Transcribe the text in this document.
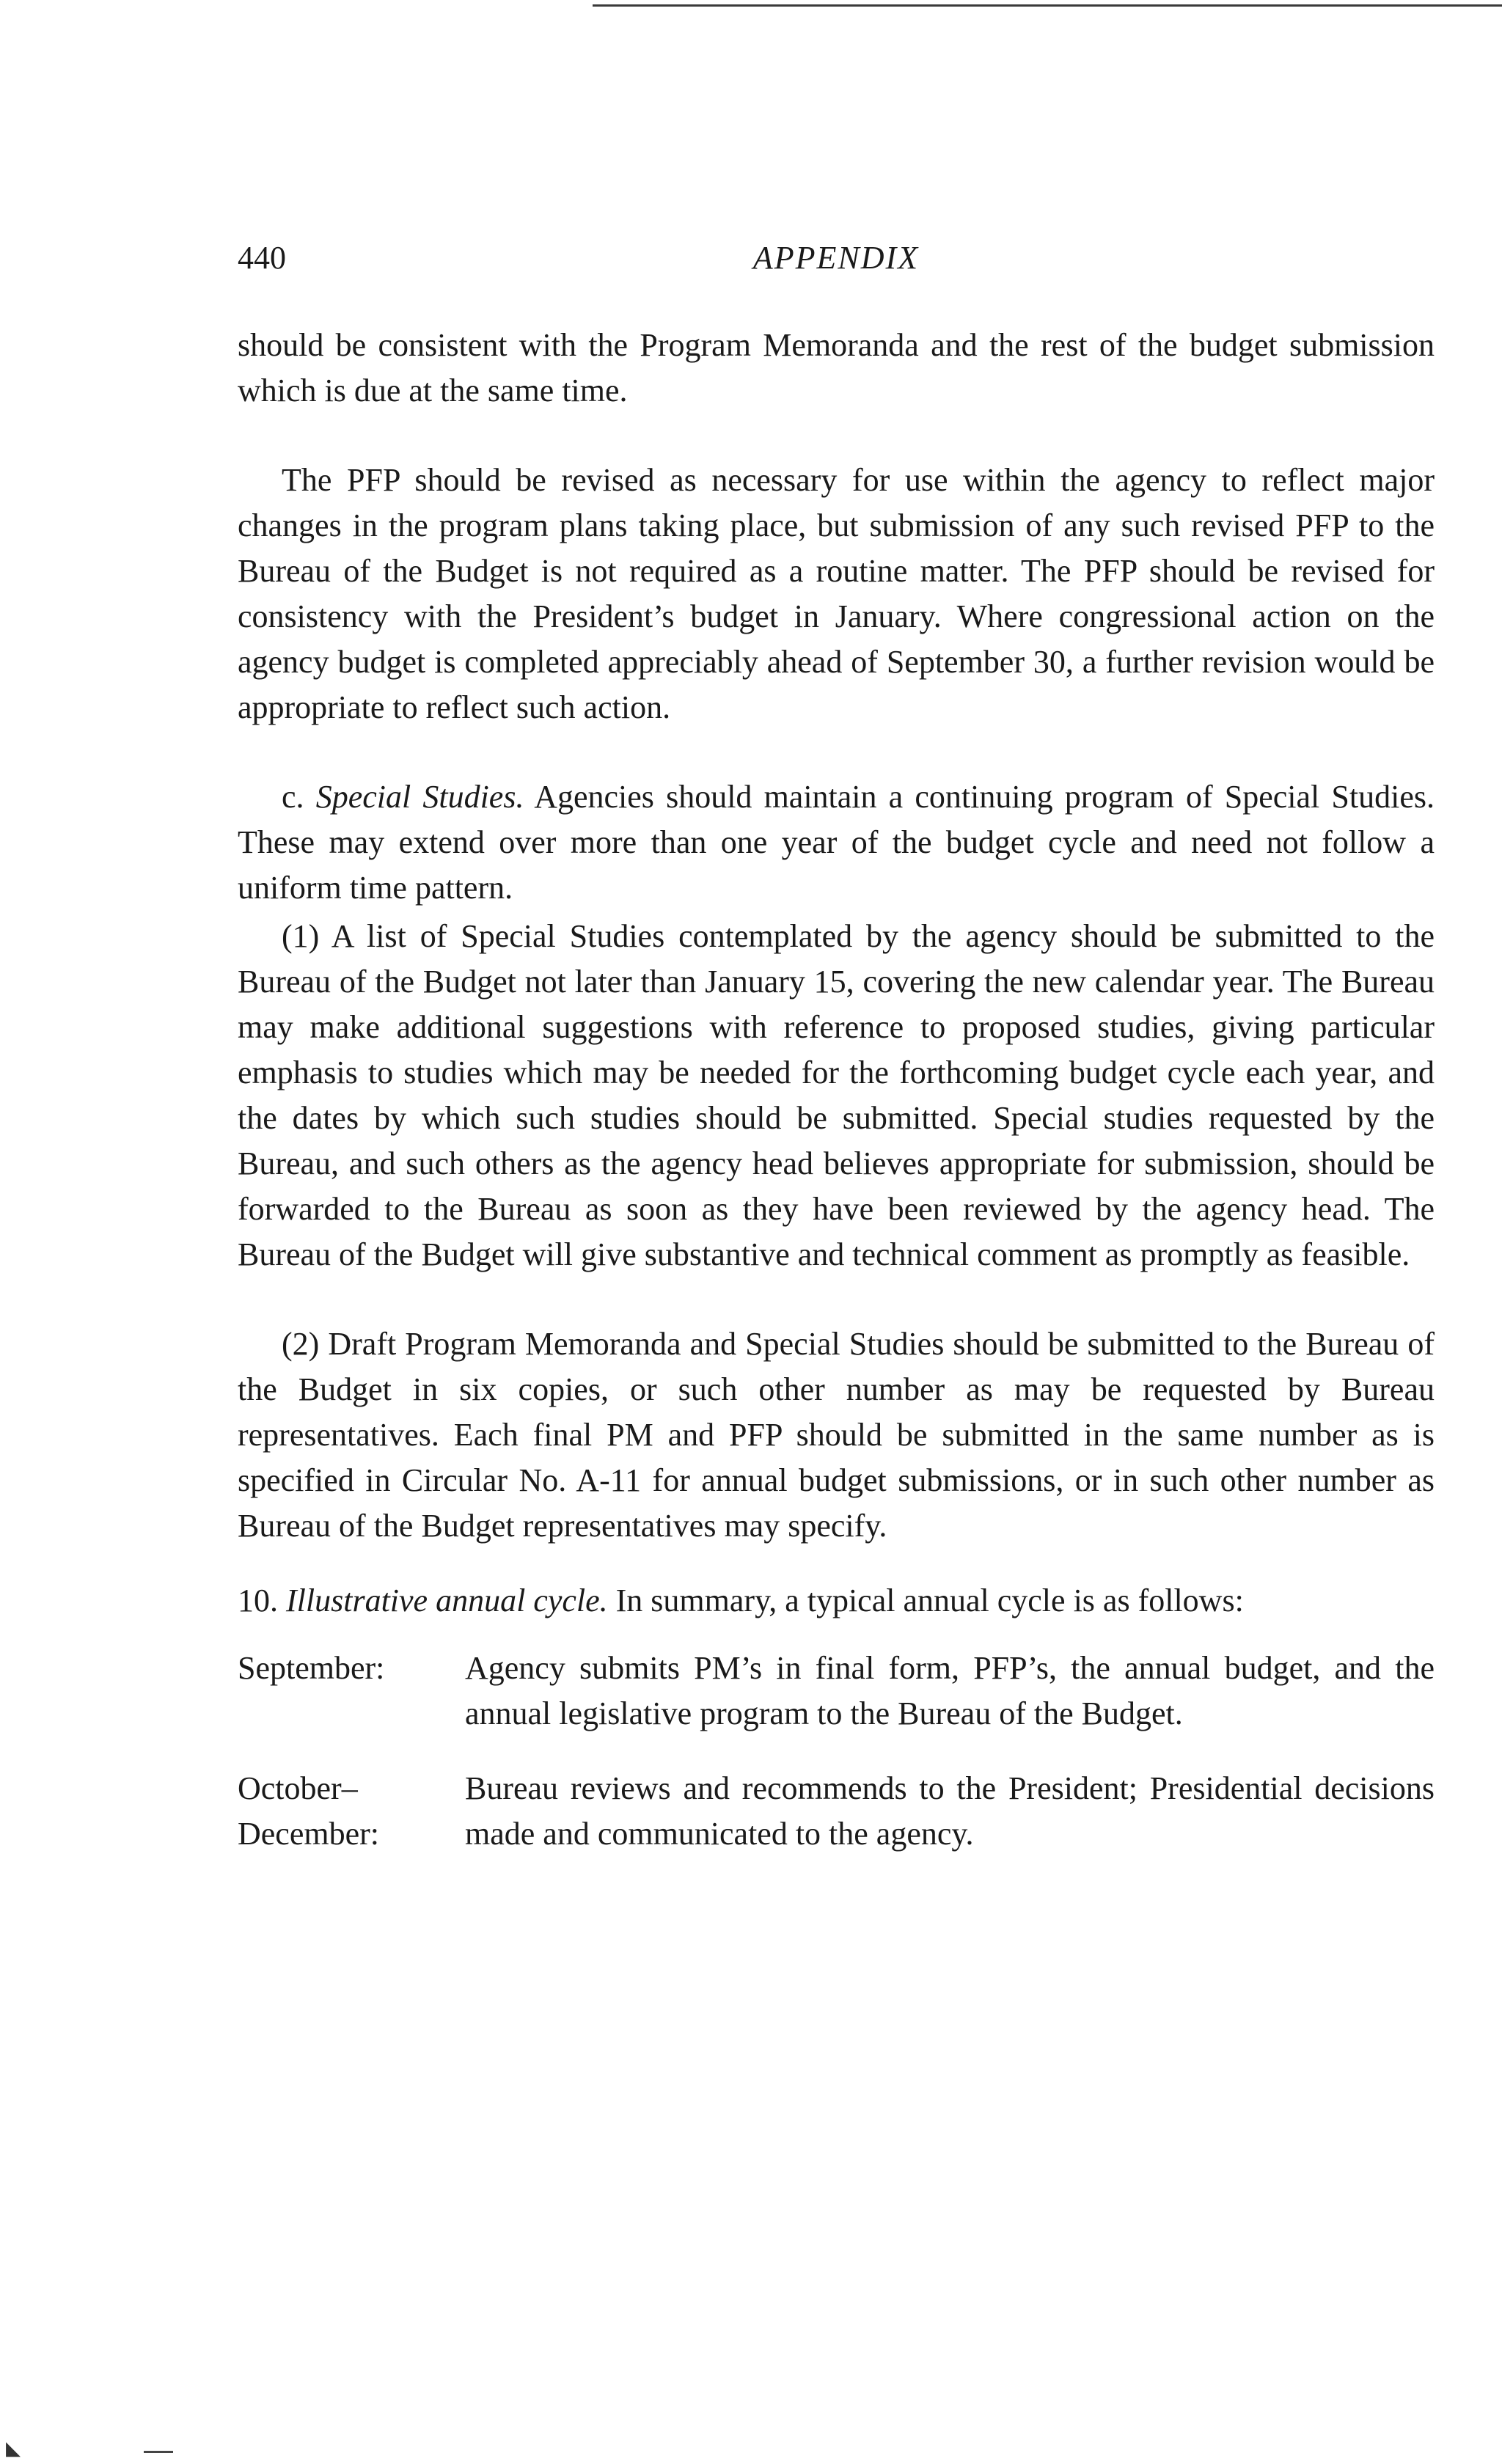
440	APPENDIX

should be consistent with the Program Memoranda and the rest of the budget submission which is due at the same time.

The PFP should be revised as necessary for use within the agency to reflect major changes in the program plans taking place, but submission of any such revised PFP to the Bureau of the Budget is not required as a routine matter. The PFP should be revised for consistency with the President’s budget in January. Where congressional action on the agency budget is completed appreciably ahead of September 30, a further revision would be appropriate to reflect such action.

c. Special Studies. Agencies should maintain a continuing program of Special Studies. These may extend over more than one year of the budget cycle and need not follow a uniform time pattern.

(1) A list of Special Studies contemplated by the agency should be submitted to the Bureau of the Budget not later than January 15, covering the new calendar year. The Bureau may make additional suggestions with reference to proposed studies, giving particular emphasis to studies which may be needed for the forthcoming budget cycle each year, and the dates by which such studies should be submitted. Special studies requested by the Bureau, and such others as the agency head believes appropriate for submission, should be forwarded to the Bureau as soon as they have been reviewed by the agency head. The Bureau of the Budget will give substantive and technical comment as promptly as feasible.

(2) Draft Program Memoranda and Special Studies should be submitted to the Bureau of the Budget in six copies, or such other number as may be requested by Bureau representatives. Each final PM and PFP should be submitted in the same number as is specified in Circular No. A-11 for annual budget submissions, or in such other number as Bureau of the Budget representatives may specify.

10. Illustrative annual cycle. In summary, a typical annual cycle is as follows:

September:	Agency submits PM’s in final form, PFP’s, the annual budget, and the annual legislative program to the Bureau of the Budget.
October–December:
Bureau reviews and recommends to the President; Presidential decisions made and communicated to the agency.
◣
